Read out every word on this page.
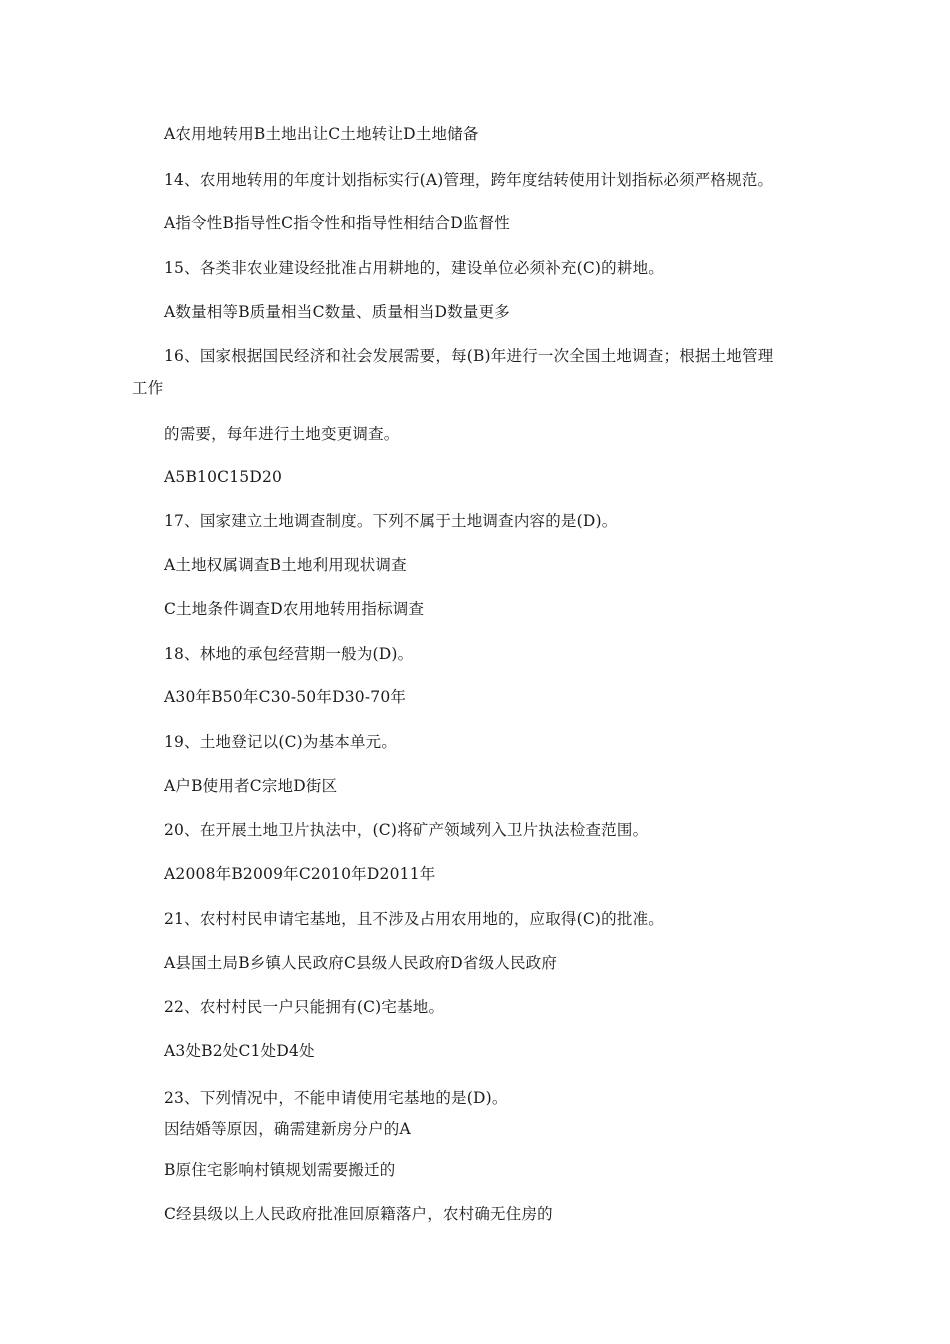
A农用地转用B土地出让C土地转让D土地储备
14、农用地转用的年度计划指标实行(A)管理，跨年度结转使用计划指标必须严格规范。
A指令性B指导性C指令性和指导性相结合D监督性
15、各类非农业建设经批准占用耕地的，建设单位必须补充(C)的耕地。
A数量相等B质量相当C数量、质量相当D数量更多
16、国家根据国民经济和社会发展需要，每(B)年进行一次全国土地调查；根据土地管理
工作
的需要，每年进行土地变更调查。
A5B10C15D20
17、国家建立土地调查制度。下列不属于土地调查内容的是(D)。
A土地权属调查B土地利用现状调查
C土地条件调查D农用地转用指标调查
18、林地的承包经营期一般为(D)。
A30年B50年C30-50年D30-70年
19、土地登记以(C)为基本单元。
A户B使用者C宗地D街区
20、在开展土地卫片执法中，(C)将矿产领域列入卫片执法检查范围。
A2008年B2009年C2010年D2011年
21、农村村民申请宅基地，且不涉及占用农用地的，应取得(C)的批准。
A县国土局B乡镇人民政府C县级人民政府D省级人民政府
22、农村村民一户只能拥有(C)宅基地。
A3处B2处C1处D4处
23、下列情况中，不能申请使用宅基地的是(D)。
因结婚等原因，确需建新房分户的A
B原住宅影响村镇规划需要搬迁的
C经县级以上人民政府批准回原籍落户，农村确无住房的
